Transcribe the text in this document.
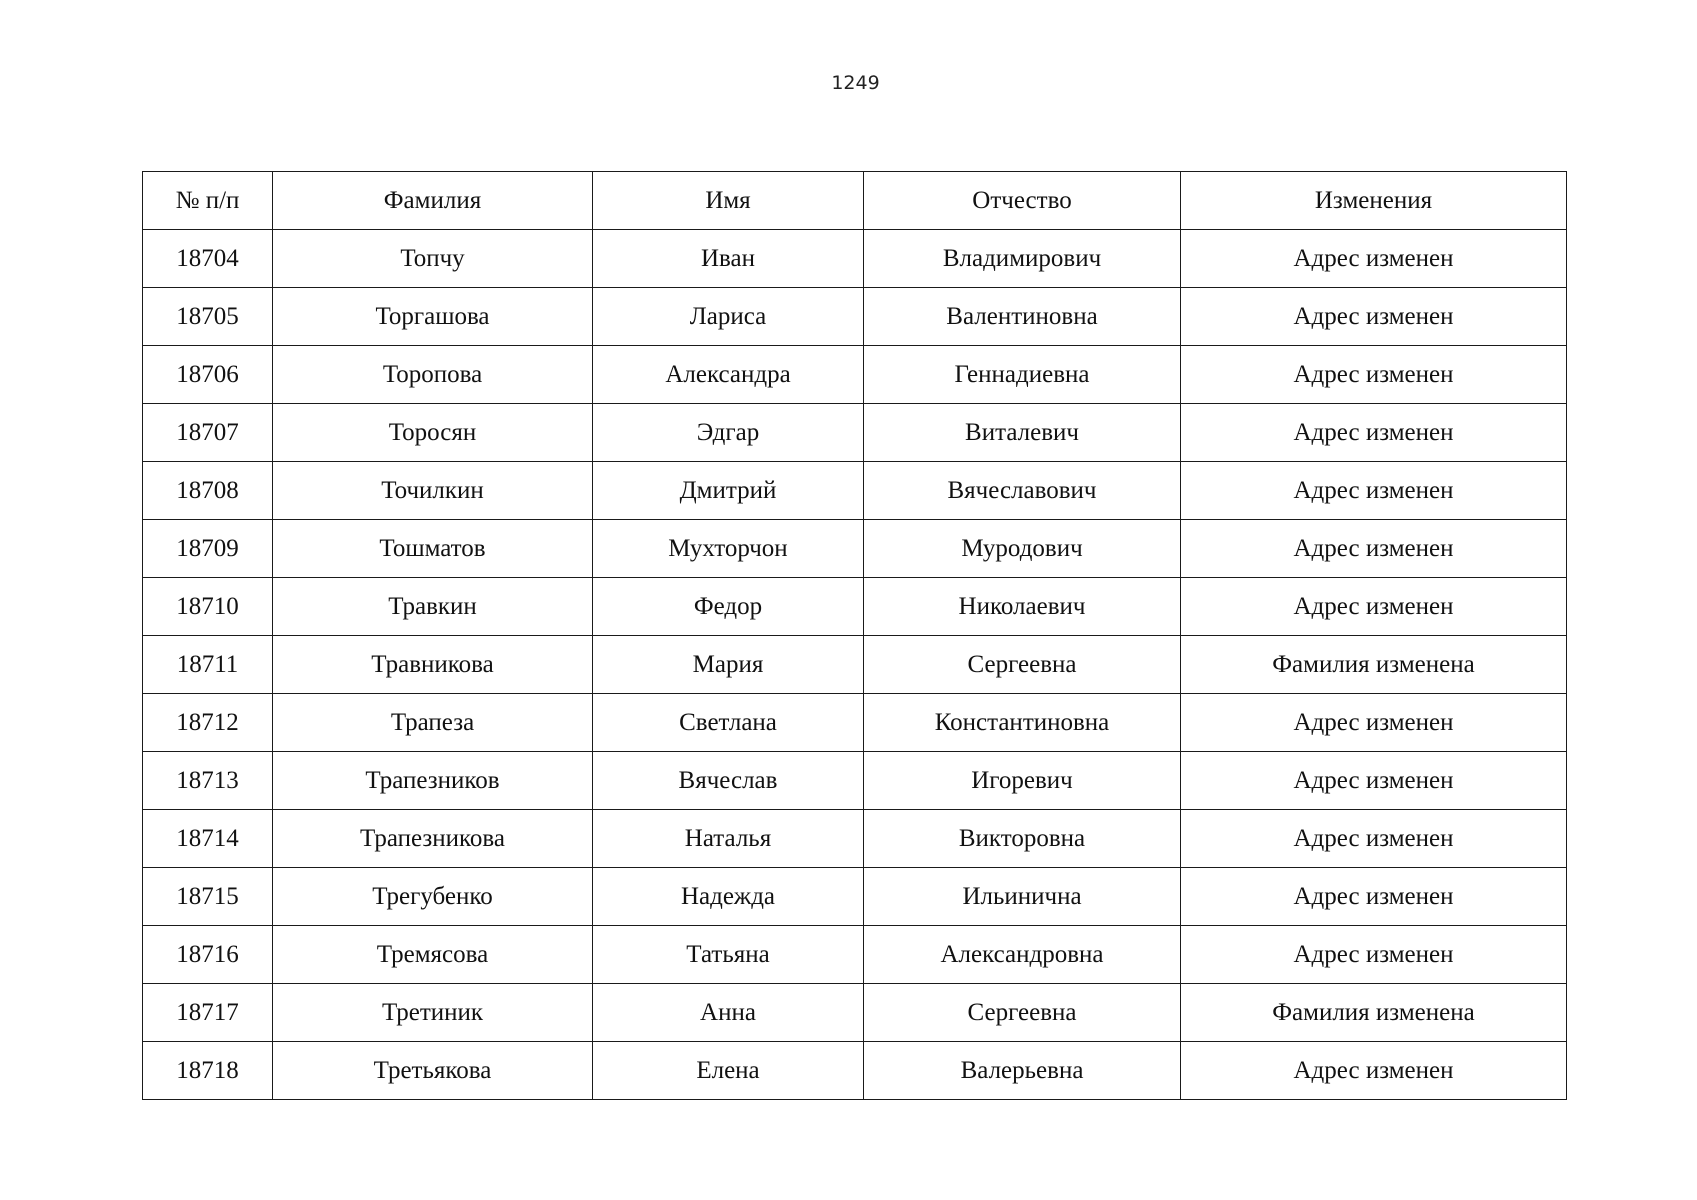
1249
№ п/п	Фамилия	Имя	Отчество	Изменения
18704	Топчу	Иван	Владимирович	Адрес изменен
18705	Торгашова	Лариса	Валентиновна	Адрес изменен
18706	Торопова	Александра	Геннадиевна	Адрес изменен
18707	Торосян	Эдгар	Виталевич	Адрес изменен
18708	Точилкин	Дмитрий	Вячеславович	Адрес изменен
18709	Тошматов	Мухторчон	Муродович	Адрес изменен
18710	Травкин	Федор	Николаевич	Адрес изменен
18711	Травникова	Мария	Сергеевна	Фамилия изменена
18712	Трапеза	Светлана	Константиновна	Адрес изменен
18713	Трапезников	Вячеслав	Игоревич	Адрес изменен
18714	Трапезникова	Наталья	Викторовна	Адрес изменен
18715	Трегубенко	Надежда	Ильинична	Адрес изменен
18716	Тремясова	Татьяна	Александровна	Адрес изменен
18717	Третиник	Анна	Сергеевна	Фамилия изменена
18718	Третьякова	Елена	Валерьевна	Адрес изменен
